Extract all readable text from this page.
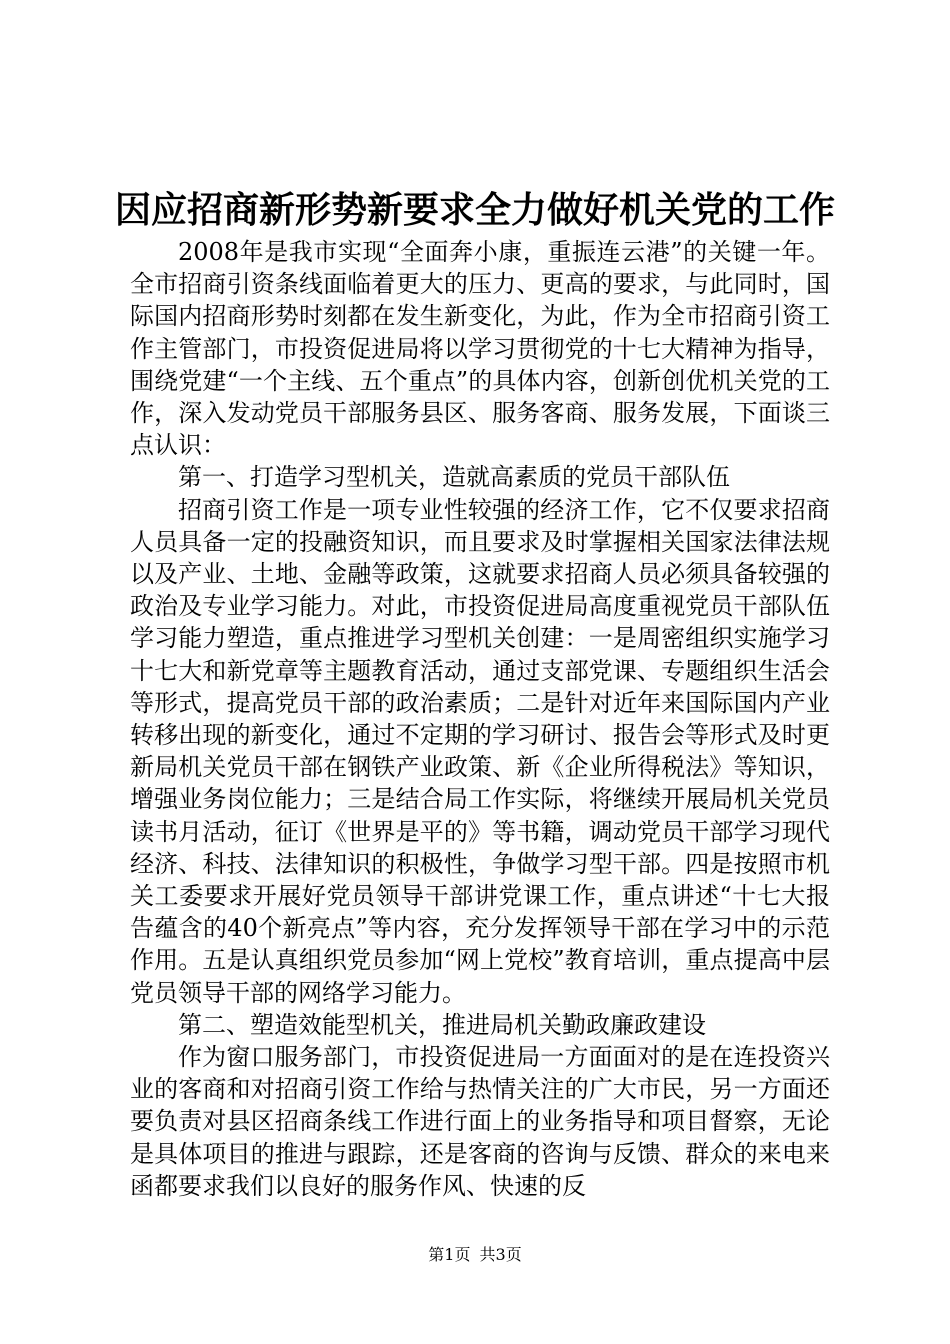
因应招商新形势新要求全力做好机关党的工作

2008年是我市实现“全面奔小康，重振连云港”的关键一年。全市招商引资条线面临着更大的压力、更高的要求，与此同时，国际国内招商形势时刻都在发生新变化，为此，作为全市招商引资工作主管部门，市投资促进局将以学习贯彻党的十七大精神为指导，围绕党建“一个主线、五个重点”的具体内容，创新创优机关党的工作，深入发动党员干部服务县区、服务客商、服务发展，下面谈三点认识：

第一、打造学习型机关，造就高素质的党员干部队伍

招商引资工作是一项专业性较强的经济工作，它不仅要求招商人员具备一定的投融资知识，而且要求及时掌握相关国家法律法规以及产业、土地、金融等政策，这就要求招商人员必须具备较强的政治及专业学习能力。对此，市投资促进局高度重视党员干部队伍学习能力塑造，重点推进学习型机关创建：一是周密组织实施学习十七大和新党章等主题教育活动，通过支部党课、专题组织生活会等形式，提高党员干部的政治素质；二是针对近年来国际国内产业转移出现的新变化，通过不定期的学习研讨、报告会等形式及时更新局机关党员干部在钢铁产业政策、新《企业所得税法》等知识，增强业务岗位能力；三是结合局工作实际，将继续开展局机关党员读书月活动，征订《世界是平的》等书籍，调动党员干部学习现代经济、科技、法律知识的积极性，争做学习型干部。四是按照市机关工委要求开展好党员领导干部讲党课工作，重点讲述“十七大报告蕴含的40个新亮点”等内容，充分发挥领导干部在学习中的示范作用。五是认真组织党员参加“网上党校”教育培训，重点提高中层党员领导干部的网络学习能力。

第二、塑造效能型机关，推进局机关勤政廉政建设

作为窗口服务部门，市投资促进局一方面面对的是在连投资兴业的客商和对招商引资工作给与热情关注的广大市民，另一方面还要负责对县区招商条线工作进行面上的业务指导和项目督察，无论是具体项目的推进与跟踪，还是客商的咨询与反馈、群众的来电来函都要求我们以良好的服务作风、快速的反

第1页 共3页
